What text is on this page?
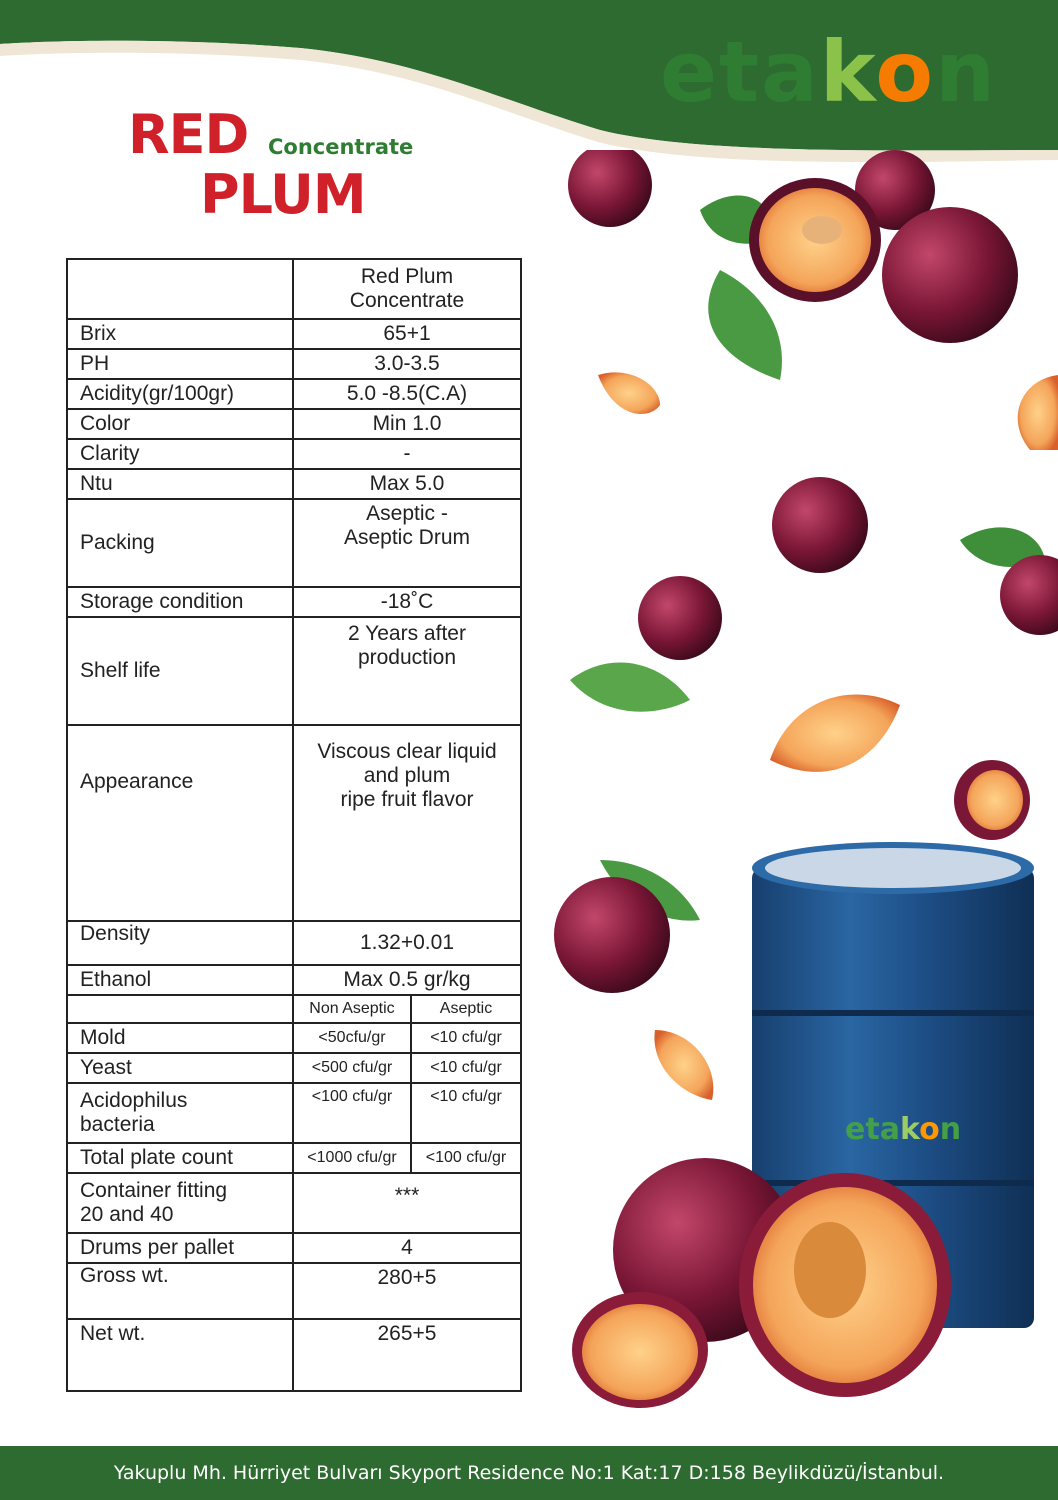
etakon
RED Concentrate
PLUM
	Red Plum
Concentrate	
Brix	65+1	
PH	3.0-3.5	
Acidity(gr/100gr)	5.0 -8.5(C.A)	
Color	Min 1.0	
Clarity	-	
Ntu	Max 5.0	
Packing	Aseptic -
Aseptic Drum	
Storage condition	-18˚C	
Shelf life	2 Years after
production	
Appearance	Viscous clear liquid
and plum
ripe fruit flavor	
Density	1.32+0.01	
Ethanol	Max 0.5 gr/kg	
	Non Aseptic	Aseptic
Mold	<50cfu/gr	<10 cfu/gr
Yeast	<500 cfu/gr	<10 cfu/gr
Acidophilus
bacteria	<100 cfu/gr	<10 cfu/gr
Total plate count	<1000 cfu/gr	<100 cfu/gr
Container fitting
20 and 40	***	
Drums per pallet	4	
Gross wt.	280+5	
Net wt.	265+5	
etakon
Yakuplu Mh. Hürriyet Bulvarı Skyport Residence No:1 Kat:17 D:158 Beylikdüzü/İstanbul.
